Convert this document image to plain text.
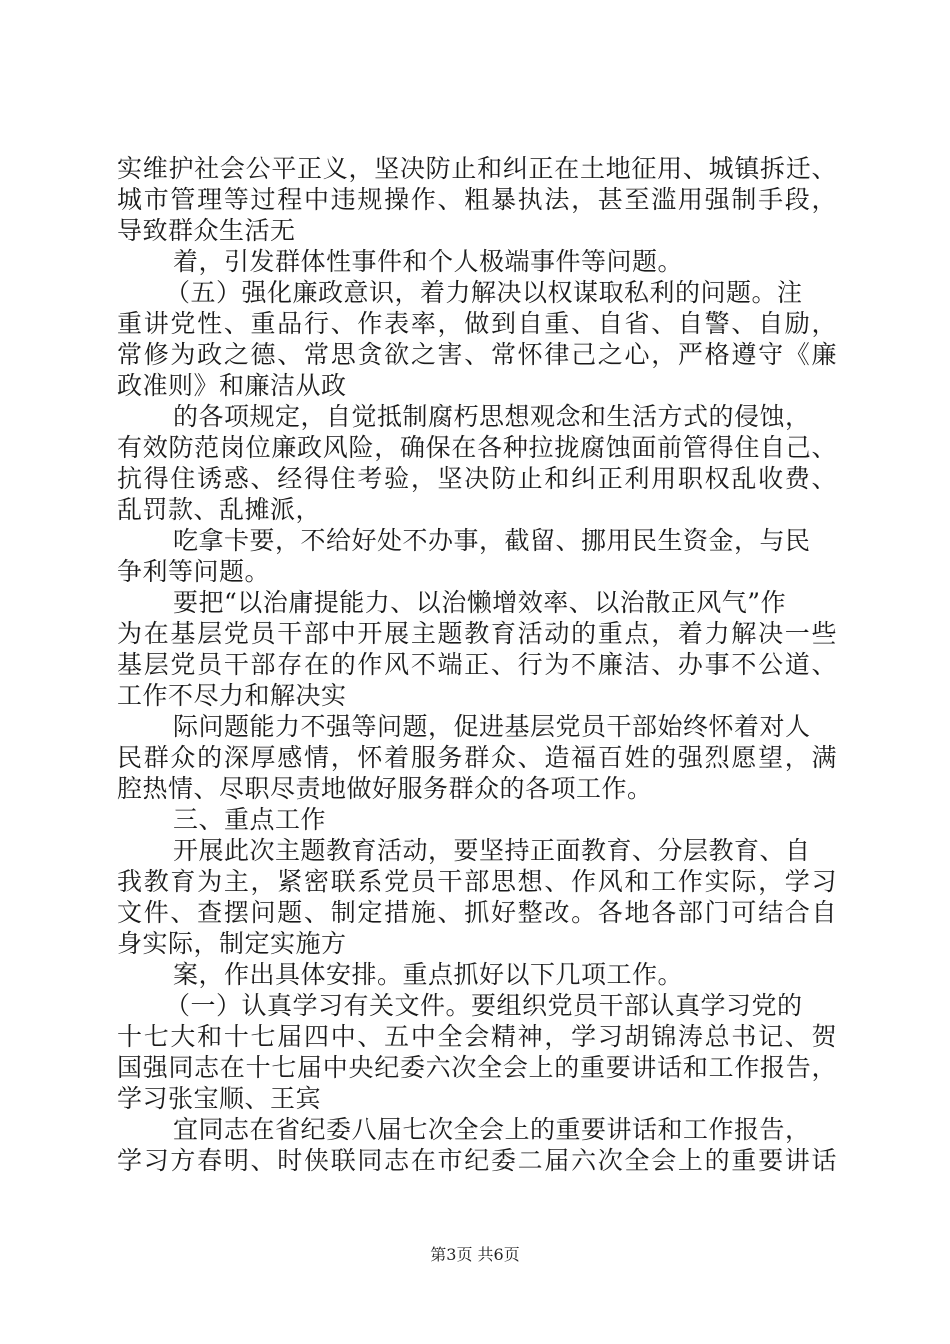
实维护社会公平正义，坚决防止和纠正在土地征用、城镇拆迁、
城市管理等过程中违规操作、粗暴执法，甚至滥用强制手段，
导致群众生活无
着，引发群体性事件和个人极端事件等问题。
（五）强化廉政意识，着力解决以权谋取私利的问题。注
重讲党性、重品行、作表率，做到自重、自省、自警、自励，
常修为政之德、常思贪欲之害、常怀律己之心，严格遵守《廉
政准则》和廉洁从政
的各项规定，自觉抵制腐朽思想观念和生活方式的侵蚀，
有效防范岗位廉政风险，确保在各种拉拢腐蚀面前管得住自己、
抗得住诱惑、经得住考验，坚决防止和纠正利用职权乱收费、
乱罚款、乱摊派，
吃拿卡要，不给好处不办事，截留、挪用民生资金，与民
争利等问题。
要把“以治庸提能力、以治懒增效率、以治散正风气”作
为在基层党员干部中开展主题教育活动的重点，着力解决一些
基层党员干部存在的作风不端正、行为不廉洁、办事不公道、
工作不尽力和解决实
际问题能力不强等问题，促进基层党员干部始终怀着对人
民群众的深厚感情，怀着服务群众、造福百姓的强烈愿望，满
腔热情、尽职尽责地做好服务群众的各项工作。
三、重点工作
开展此次主题教育活动，要坚持正面教育、分层教育、自
我教育为主，紧密联系党员干部思想、作风和工作实际，学习
文件、查摆问题、制定措施、抓好整改。各地各部门可结合自
身实际，制定实施方
案，作出具体安排。重点抓好以下几项工作。
（一）认真学习有关文件。要组织党员干部认真学习党的
十七大和十七届四中、五中全会精神，学习胡锦涛总书记、贺
国强同志在十七届中央纪委六次全会上的重要讲话和工作报告，
学习张宝顺、王宾
宜同志在省纪委八届七次全会上的重要讲话和工作报告，
学习方春明、时侠联同志在市纪委二届六次全会上的重要讲话
第3页 共6页
